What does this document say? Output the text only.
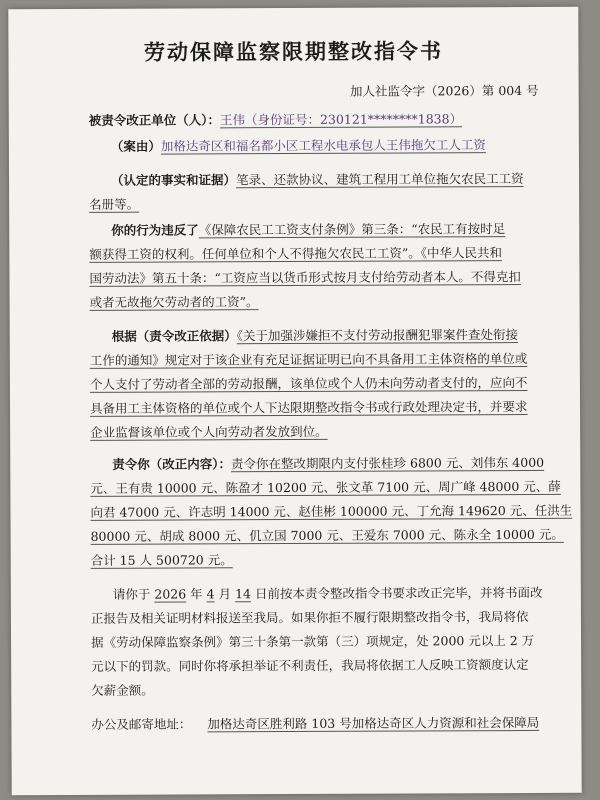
劳动保障监察限期整改指令书
加人社监令字（2026）第 004 号
被责令改正单位（人）：王伟（身份证号：230121********1838）
（案由）加格达奇区和福名都小区工程水电承包人王伟拖欠工人工资
（认定的事实和证据）笔录、还款协议、建筑工程用工单位拖欠农民工工资
名册等。
你的行为违反了《保障农民工工资支付条例》第三条：“农民工有按时足
额获得工资的权利。任何单位和个人不得拖欠农民工工资”。《中华人民共和
国劳动法》第五十条：“工资应当以货币形式按月支付给劳动者本人。不得克扣
或者无故拖欠劳动者的工资”。
根据（责令改正依据）《关于加强涉嫌拒不支付劳动报酬犯罪案件查处衔接
工作的通知》规定对于该企业有充足证据证明已向不具备用工主体资格的单位或
个人支付了劳动者全部的劳动报酬，该单位或个人仍未向劳动者支付的，应向不
具备用工主体资格的单位或个人下达限期整改指令书或行政处理决定书，并要求
企业监督该单位或个人向劳动者发放到位。
责令你（改正内容）：责令你在整改期限内支付张桂珍 6800 元、刘伟东 4000
元、王有贵 10000 元、陈盈才 10200 元、张文革 7100 元、周广峰 48000 元、薛
向君 47000 元、许志明 14000 元、赵佳彬 100000 元、丁允海 149620 元、任洪生
80000 元、胡成 8000 元、仉立国 7000 元、王爱东 7000 元、陈永全 10000 元。
合计 15 人 500720 元。
请你于 2026 年 4 月 14 日前按本责令整改指令书要求改正完毕，并将书面改
正报告及相关证明材料报送至我局。如果你拒不履行限期整改指令书，我局将依
据《劳动保障监察条例》第三十条第一款第（三）项规定，处 2000 元以上 2 万
元以下的罚款。同时你将承担举证不利责任，我局将依据工人反映工资额度认定
欠薪金额。
办公及邮寄地址： 加格达奇区胜利路 103 号加格达奇区人力资源和社会保障局
